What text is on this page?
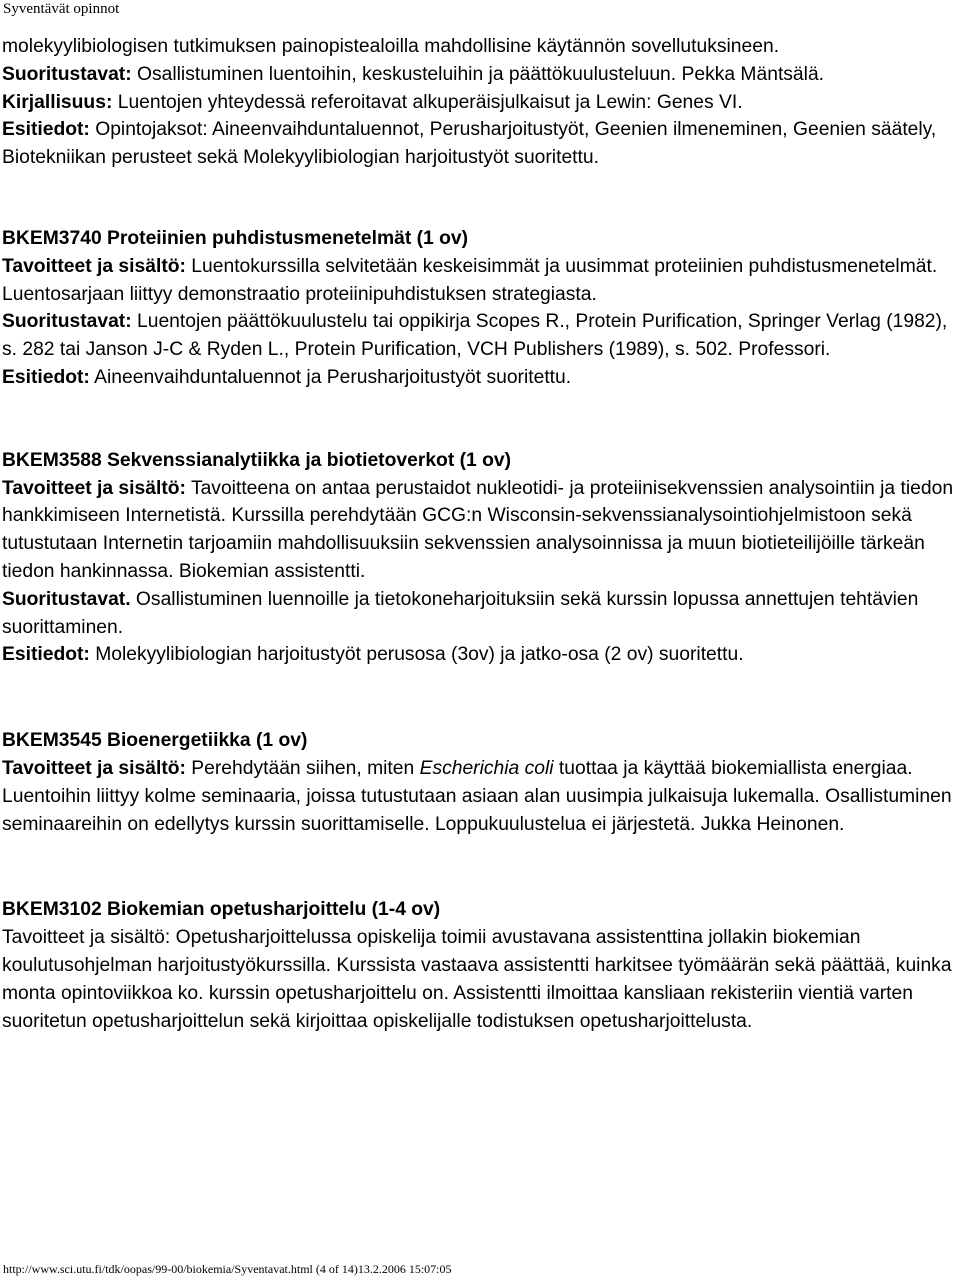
Syventävät opinnot

molekyylibiologisen tutkimuksen painopistealoilla mahdollisine käytännön sovellutuksineen.

Suoritustavat: Osallistuminen luentoihin, keskusteluihin ja päättökuulusteluun. Pekka Mäntsälä.

Kirjallisuus: Luentojen yhteydessä referoitavat alkuperäisjulkaisut ja Lewin: Genes VI.

Esitiedot: Opintojaksot: Aineenvaihduntaluennot, Perusharjoitustyöt, Geenien ilmeneminen, Geenien säätely, Biotekniikan perusteet sekä Molekyylibiologian harjoitustyöt suoritettu.

BKEM3740 Proteiinien puhdistusmenetelmät (1 ov)

Tavoitteet ja sisältö: Luentokurssilla selvitetään keskeisimmät ja uusimmat proteiinien puhdistusmenetelmät. Luentosarjaan liittyy demonstraatio proteiinipuhdistuksen strategiasta.

Suoritustavat: Luentojen päättökuulustelu tai oppikirja Scopes R., Protein Purification, Springer Verlag (1982), s. 282 tai Janson J-C & Ryden L., Protein Purification, VCH Publishers (1989), s. 502. Professori.

Esitiedot: Aineenvaihduntaluennot ja Perusharjoitustyöt suoritettu.

BKEM3588 Sekvenssianalytiikka ja biotietoverkot (1 ov)

Tavoitteet ja sisältö: Tavoitteena on antaa perustaidot nukleotidi- ja proteiinisekvenssien analysointiin ja tiedon hankkimiseen Internetistä. Kurssilla perehdytään GCG:n Wisconsin-sekvenssianalysointiohjelmistoon sekä tutustutaan Internetin tarjoamiin mahdollisuuksiin sekvenssien analysoinnissa ja muun biotieteilijöille tärkeän tiedon hankinnassa. Biokemian assistentti.

Suoritustavat. Osallistuminen luennoille ja tietokoneharjoituksiin sekä kurssin lopussa annettujen tehtävien suorittaminen.

Esitiedot: Molekyylibiologian harjoitustyöt perusosa (3ov) ja jatko-osa (2 ov) suoritettu.

BKEM3545 Bioenergetiikka (1 ov)

Tavoitteet ja sisältö: Perehdytään siihen, miten Escherichia coli tuottaa ja käyttää biokemiallista energiaa. Luentoihin liittyy kolme seminaaria, joissa tutustutaan asiaan alan uusimpia julkaisuja lukemalla. Osallistuminen seminaareihin on edellytys kurssin suorittamiselle. Loppukuulustelua ei järjestetä. Jukka Heinonen.

BKEM3102 Biokemian opetusharjoittelu (1-4 ov)

Tavoitteet ja sisältö: Opetusharjoittelussa opiskelija toimii avustavana assistenttina jollakin biokemian koulutusohjelman harjoitustyökurssilla. Kurssista vastaava assistentti harkitsee työmäärän sekä päättää, kuinka monta opintoviikkoa ko. kurssin opetusharjoittelu on. Assistentti ilmoittaa kansliaan rekisteriin vientiä varten suoritetun opetusharjoittelun sekä kirjoittaa opiskelijalle todistuksen opetusharjoittelusta.

http://www.sci.utu.fi/tdk/oopas/99-00/biokemia/Syventavat.html (4 of 14)13.2.2006 15:07:05
